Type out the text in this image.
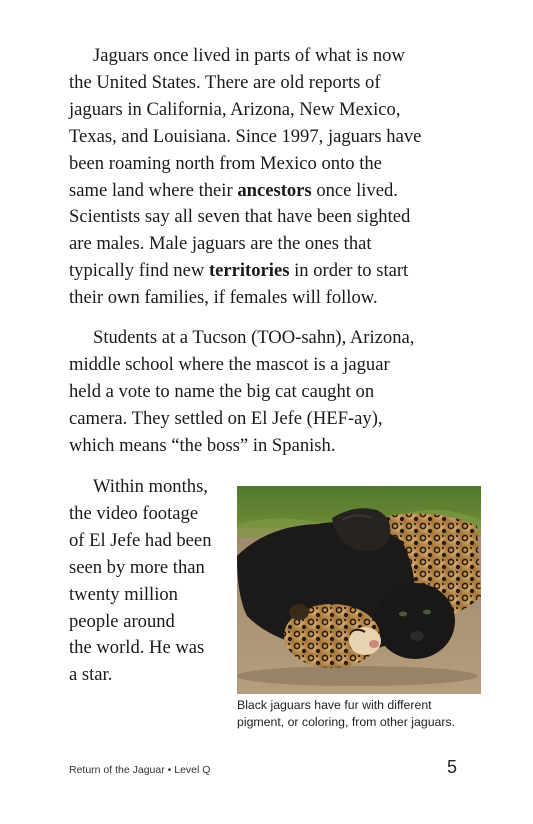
Jaguars once lived in parts of what is now
the United States. There are old reports of
jaguars in California, Arizona, New Mexico,
Texas, and Louisiana. Since 1997, jaguars have
been roaming north from Mexico onto the
same land where their ancestors once lived.
Scientists say all seven that have been sighted
are males. Male jaguars are the ones that
typically find new territories in order to start
their own families, if females will follow.

Students at a Tucson (TOO-sahn), Arizona,
middle school where the mascot is a jaguar
held a vote to name the big cat caught on
camera. They settled on El Jefe (HEF-ay),
which means “the boss” in Spanish.

Within months,
the video footage
of El Jefe had been
seen by more than
twenty million
people around
the world. He was
a star.

Black jaguars have fur with different
pigment, or coloring, from other jaguars.
Return of the Jaguar • Level Q	5
